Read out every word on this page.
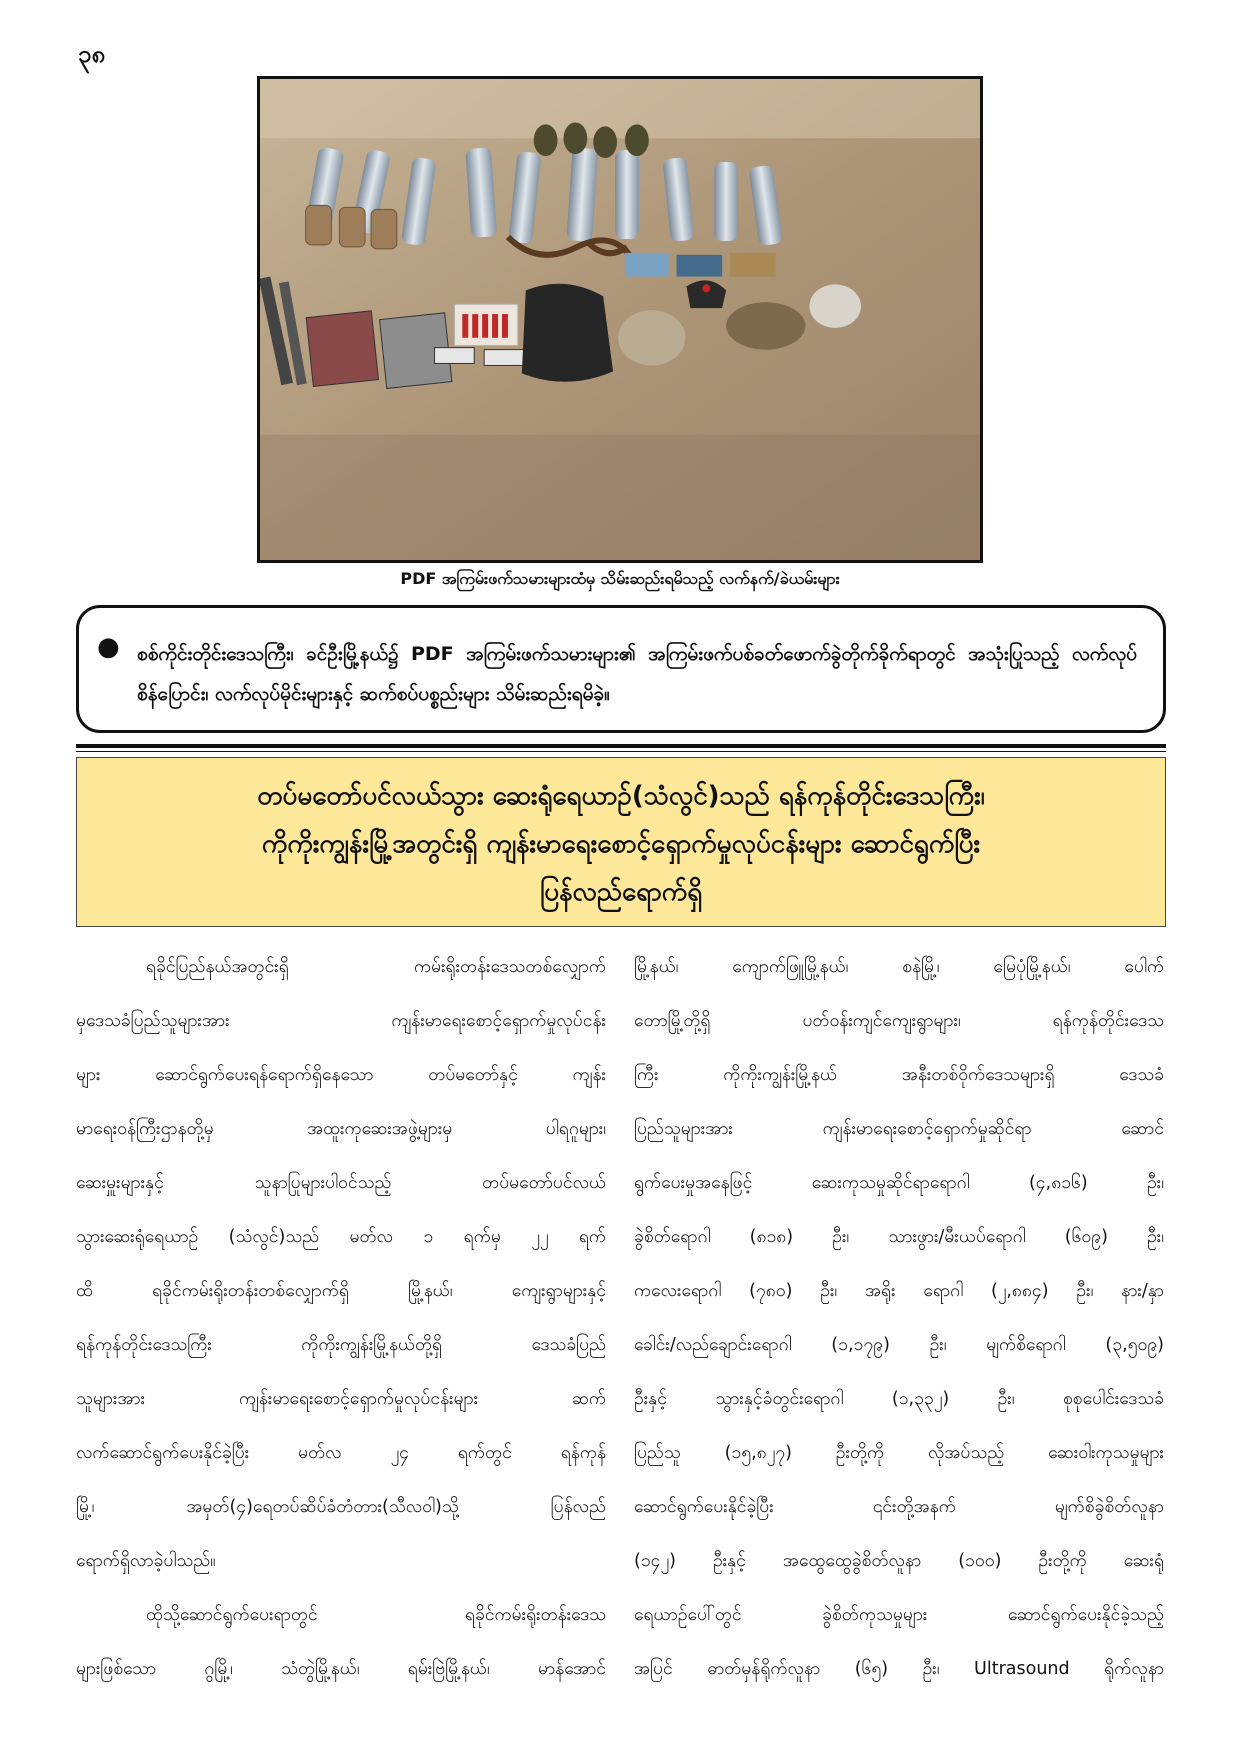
၃၈
PDF အကြမ်းဖက်သမားများထံမှ သိမ်းဆည်းရမိသည့် လက်နက်/ခဲယမ်းများ
● စစ်ကိုင်းတိုင်းဒေသကြီး၊ ခင်ဦးမြို့နယ်၌ PDF အကြမ်းဖက်သမားများ၏ အကြမ်းဖက်ပစ်ခတ်ဖောက်ခွဲတိုက်ခိုက်ရာတွင် အသုံးပြုသည့် လက်လုပ်စိန်ပြောင်း၊ လက်လုပ်မိုင်းများနှင့် ဆက်စပ်ပစ္စည်းများ သိမ်းဆည်းရမိခဲ့။
တပ်မတော်ပင်လယ်သွား ဆေးရုံရေယာဉ်(သံလွင်)သည် ရန်ကုန်တိုင်းဒေသကြီး၊
ကိုကိုးကျွန်းမြို့အတွင်းရှိ ကျန်းမာရေးစောင့်ရှောက်မှုလုပ်ငန်းများ ဆောင်ရွက်ပြီး
ပြန်လည်ရောက်ရှိ
ရခိုင်ပြည်နယ်အတွင်းရှိ ကမ်းရိုးတန်းဒေသတစ်လျှောက်
မှဒေသခံပြည်သူများအား ကျန်းမာရေးစောင့်ရှောက်မှုလုပ်ငန်း
များ ဆောင်ရွက်ပေးရန်ရောက်ရှိနေသော တပ်မတော်နှင့် ကျန်း
မာရေးဝန်ကြီးဌာနတို့မှ အထူးကုဆေးအဖွဲ့များမှ ပါရဂူများ၊
ဆေးမှူးများနှင့် သူနာပြုများပါဝင်သည့် တပ်မတော်ပင်လယ်
သွားဆေးရုံရေယာဉ် (သံလွင်)သည် မတ်လ ၁ ရက်မှ ၂၂ ရက်
ထိ ရခိုင်ကမ်းရိုးတန်းတစ်လျှောက်ရှိ မြို့နယ်၊ ကျေးရွာများနှင့်
ရန်ကုန်တိုင်းဒေသကြီး ကိုကိုးကျွန်းမြို့နယ်တို့ရှိ ဒေသခံပြည်
သူများအား ကျန်းမာရေးစောင့်ရှောက်မှုလုပ်ငန်းများ ဆက်
လက်ဆောင်ရွက်ပေးနိုင်ခဲ့ပြီး မတ်လ ၂၄ ရက်တွင် ရန်ကုန်
မြို့၊ အမှတ်(၄)ရေတပ်ဆိပ်ခံတံတား(သီလဝါ)သို့ ပြန်လည်
ရောက်ရှိလာခဲ့ပါသည်။
ထိုသို့ဆောင်ရွက်ပေးရာတွင် ရခိုင်ကမ်းရိုးတန်းဒေသ
များဖြစ်သော ဂွမြို့၊ သံတွဲမြို့နယ်၊ ရမ်းဗြဲမြို့နယ်၊ မာန်အောင်
မြို့နယ်၊ ကျောက်ဖြူမြို့နယ်၊ စနဲမြို့၊ မြေပုံမြို့နယ်၊ ပေါက်
တောမြို့တို့ရှိ ပတ်ဝန်းကျင်ကျေးရွာများ၊ ရန်ကုန်တိုင်းဒေသ
ကြီး ကိုကိုးကျွန်းမြို့နယ် အနီးတစ်ဝိုက်ဒေသများရှိ ဒေသခံ
ပြည်သူများအား ကျန်းမာရေးစောင့်ရှောက်မှုဆိုင်ရာ ဆောင်
ရွက်ပေးမှုအနေဖြင့် ဆေးကုသမှုဆိုင်ရာရောဂါ (၄,၈၁၆) ဦး၊
ခွဲစိတ်ရောဂါ (၈၁၈) ဦး၊ သားဖွား/မီးယပ်ရောဂါ (၆၀၉) ဦး၊
ကလေးရောဂါ (၇၈၀) ဦး၊ အရိုး ရောဂါ (၂,၈၈၄) ဦး၊ နား/နှာ
ခေါင်း/လည်ချောင်းရောဂါ (၁,၁၇၉) ဦး၊ မျက်စိရောဂါ (၃,၅၀၉)
ဦးနှင့် သွားနှင့်ခံတွင်းရောဂါ (၁,၃၃၂) ဦး၊ စုစုပေါင်းဒေသခံ
ပြည်သူ (၁၅,၈၂၇) ဦးတို့ကို လိုအပ်သည့် ဆေးဝါးကုသမှုများ
ဆောင်ရွက်ပေးနိုင်ခဲ့ပြီး ၎င်းတို့အနက် မျက်စိခွဲစိတ်လူနာ
(၁၄၂) ဦးနှင့် အထွေထွေခွဲစိတ်လူနာ (၁၀၀) ဦးတို့ကို ဆေးရုံ
ရေယာဉ်ပေါ်တွင် ခွဲစိတ်ကုသမှုများ ဆောင်ရွက်ပေးနိုင်ခဲ့သည့်
အပြင် ဓာတ်မှန်ရိုက်လူနာ (၆၅) ဦး၊ Ultrasound ရိုက်လူနာ
